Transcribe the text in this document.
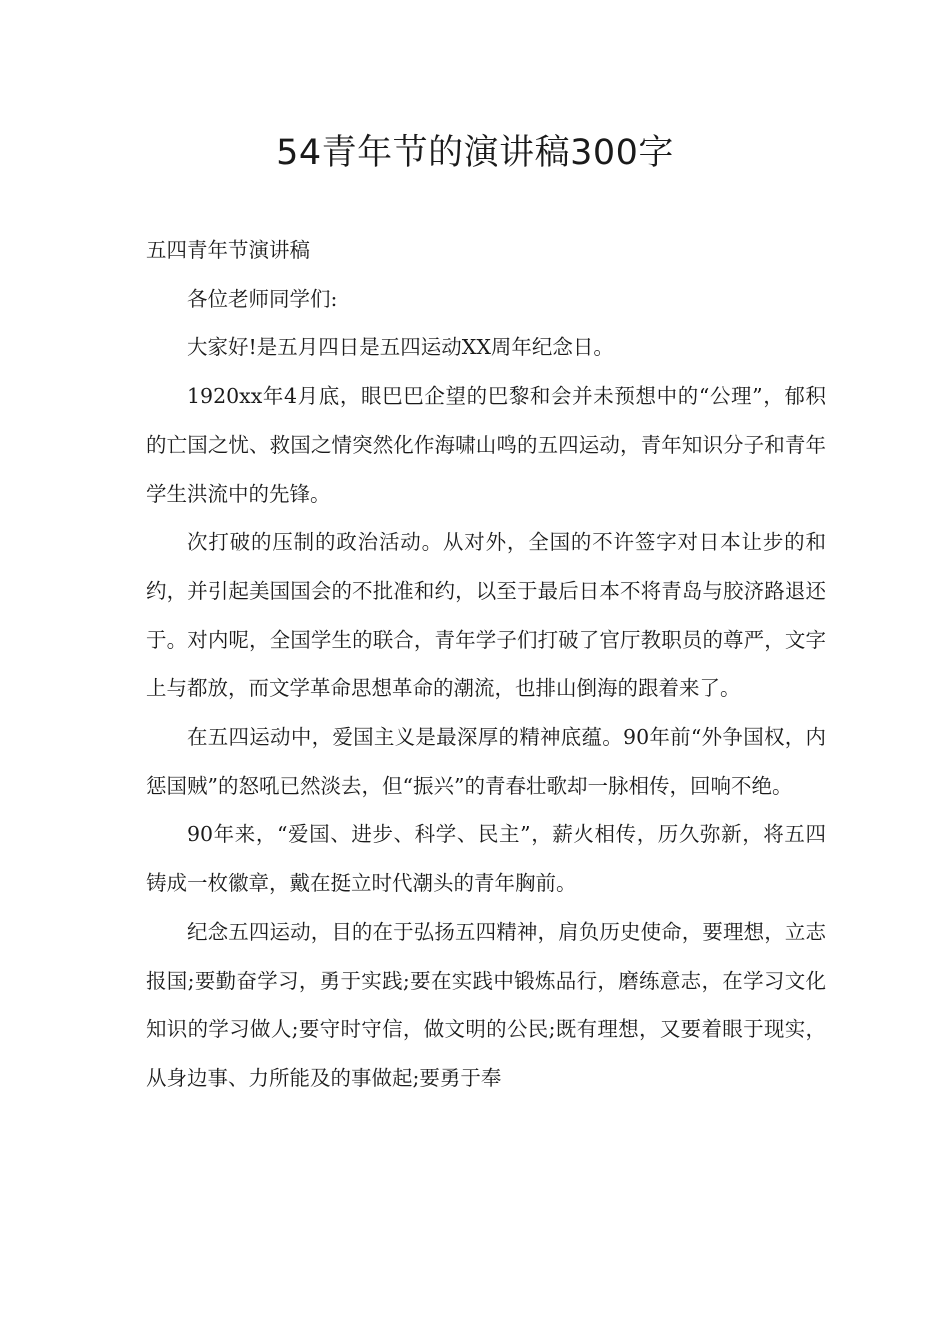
54青年节的演讲稿300字

五四青年节演讲稿

各位老师同学们:

大家好!是五月四日是五四运动XX周年纪念日。

1920xx年4月底，眼巴巴企望的巴黎和会并未预想中的“公理”，郁积的亡国之忧、救国之情突然化作海啸山鸣的五四运动，青年知识分子和青年学生洪流中的先锋。

次打破的压制的政治活动。从对外，全国的不许签字对日本让步的和约，并引起美国国会的不批准和约，以至于最后日本不将青岛与胶济路退还于。对内呢，全国学生的联合，青年学子们打破了官厅教职员的尊严，文字上与都放，而文学革命思想革命的潮流，也排山倒海的跟着来了。

在五四运动中，爱国主义是最深厚的精神底蕴。90年前“外争国权，内惩国贼”的怒吼已然淡去，但“振兴”的青春壮歌却一脉相传，回响不绝。

90年来，“爱国、进步、科学、民主”，薪火相传，历久弥新，将五四铸成一枚徽章，戴在挺立时代潮头的青年胸前。

纪念五四运动，目的在于弘扬五四精神，肩负历史使命，要理想，立志报国;要勤奋学习，勇于实践;要在实践中锻炼品行，磨练意志，在学习文化知识的学习做人;要守时守信，做文明的公民;既有理想，又要着眼于现实，从身边事、力所能及的事做起;要勇于奉
